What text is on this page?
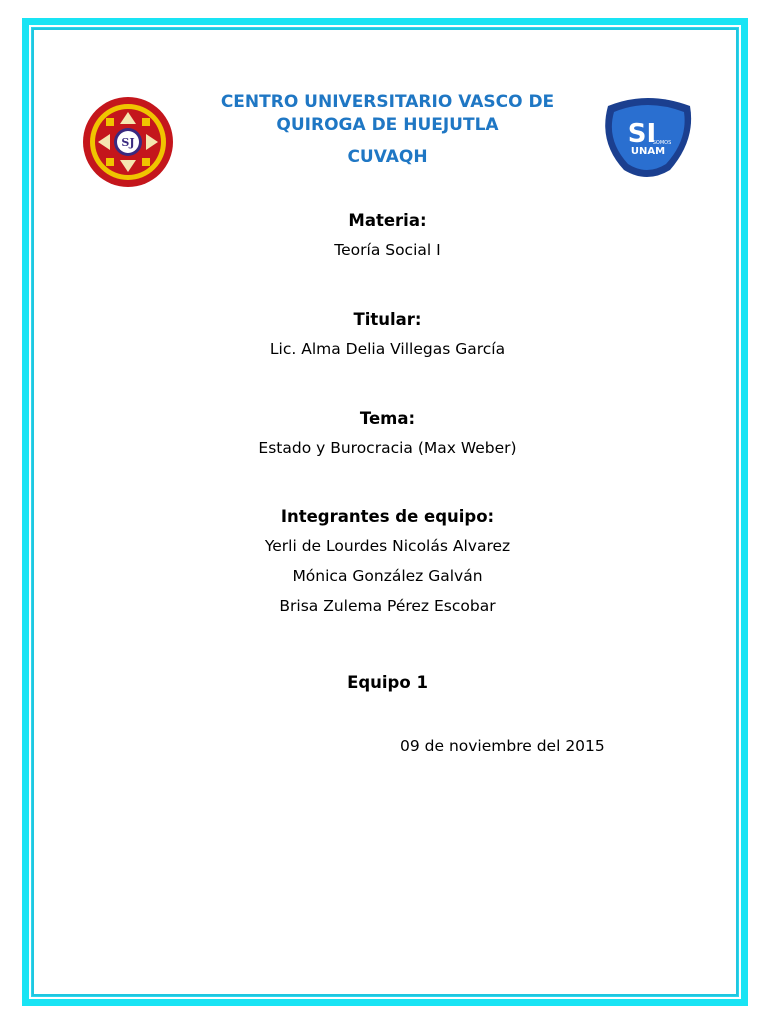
SJ	SI
SOMOS
UNAM
CENTRO UNIVERSITARIO VASCO DE
QUIROGA DE HUEJUTLA
CUVAQH
Materia:
Teoría Social I
Titular:
Lic. Alma Delia Villegas García
Tema:
Estado y Burocracia (Max Weber)
Integrantes de equipo:
Yerli de Lourdes Nicolás Alvarez
Mónica González Galván
Brisa Zulema Pérez Escobar
Equipo 1
09 de noviembre del 2015
